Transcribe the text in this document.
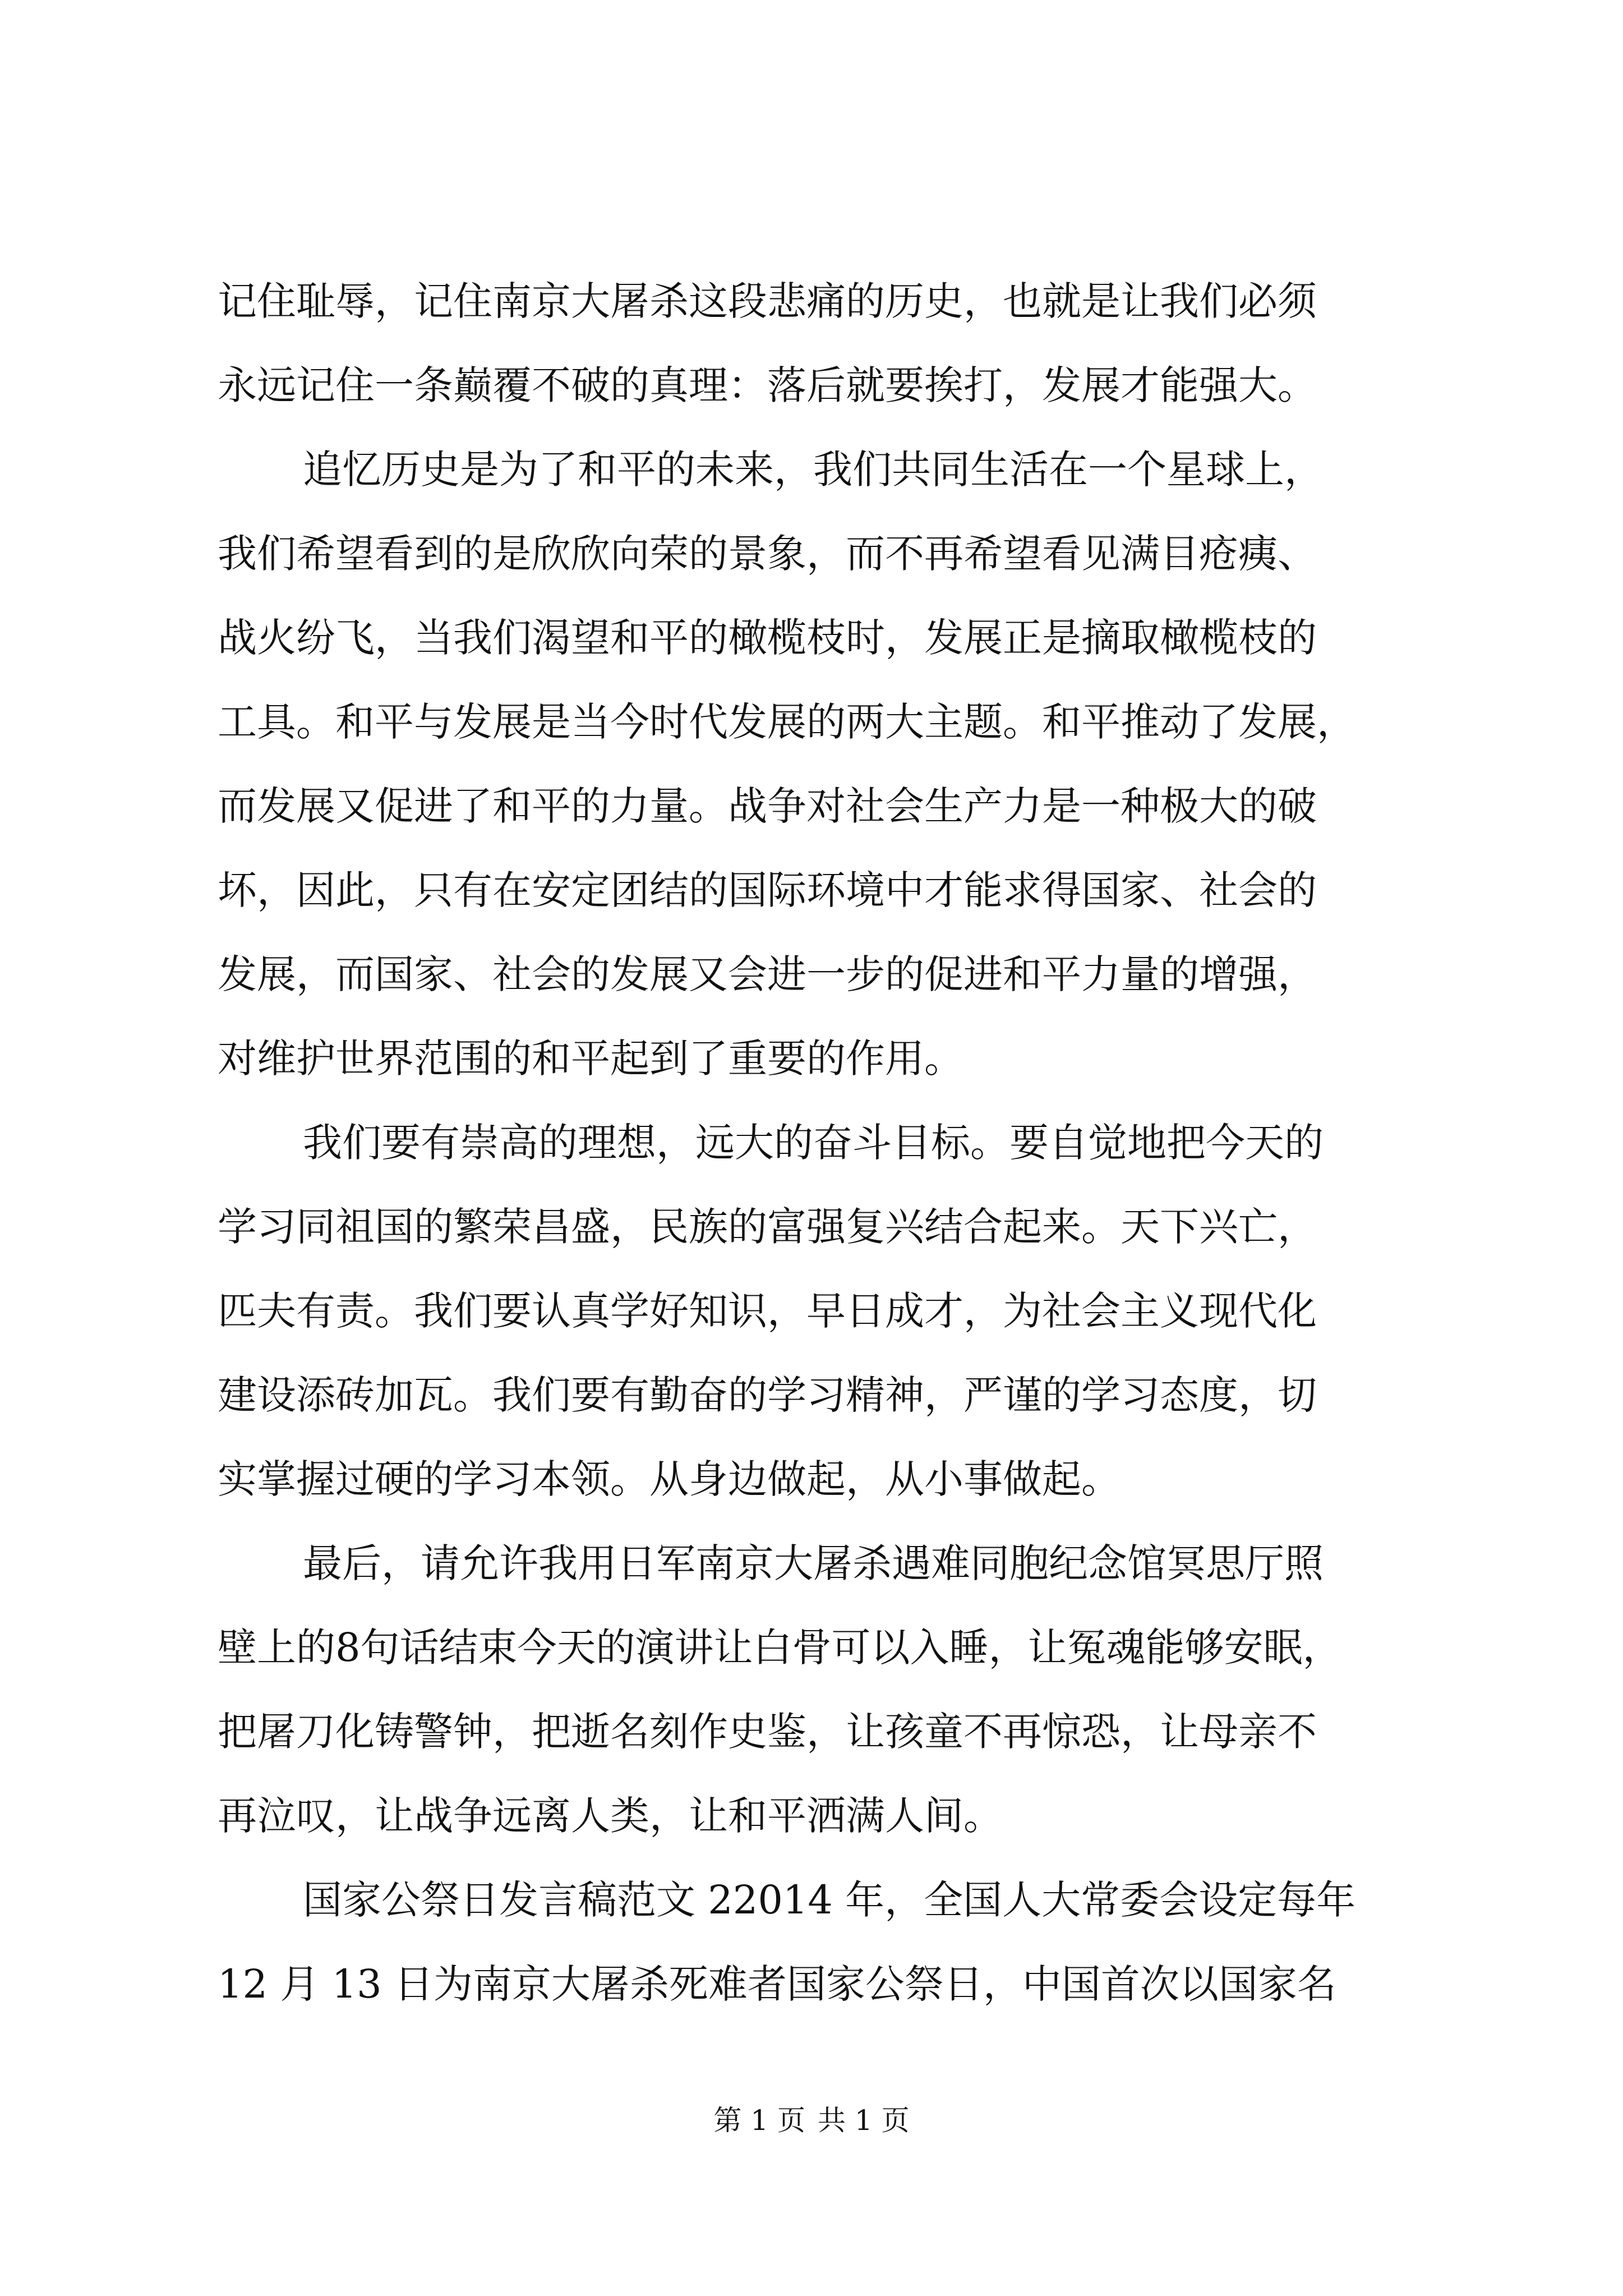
记住耻辱，记住南京大屠杀这段悲痛的历史，也就是让我们必须
永远记住一条巅覆不破的真理：落后就要挨打，发展才能强大。
追忆历史是为了和平的未来，我们共同生活在一个星球上，
我们希望看到的是欣欣向荣的景象，而不再希望看见满目疮痍、
战火纷飞，当我们渴望和平的橄榄枝时，发展正是摘取橄榄枝的
工具。和平与发展是当今时代发展的两大主题。和平推动了发展，
而发展又促进了和平的力量。战争对社会生产力是一种极大的破
坏，因此，只有在安定团结的国际环境中才能求得国家、社会的
发展，而国家、社会的发展又会进一步的促进和平力量的增强，
对维护世界范围的和平起到了重要的作用。
我们要有崇高的理想，远大的奋斗目标。要自觉地把今天的
学习同祖国的繁荣昌盛，民族的富强复兴结合起来。天下兴亡，
匹夫有责。我们要认真学好知识，早日成才，为社会主义现代化
建设添砖加瓦。我们要有勤奋的学习精神，严谨的学习态度，切
实掌握过硬的学习本领。从身边做起，从小事做起。
最后，请允许我用日军南京大屠杀遇难同胞纪念馆冥思厅照
壁上的8句话结束今天的演讲让白骨可以入睡，让冤魂能够安眠，
把屠刀化铸警钟，把逝名刻作史鉴，让孩童不再惊恐，让母亲不
再泣叹，让战争远离人类，让和平洒满人间。
国家公祭日发言稿范文 22014 年，全国人大常委会设定每年
12 月 13 日为南京大屠杀死难者国家公祭日，中国首次以国家名
第 1 页 共 1 页
